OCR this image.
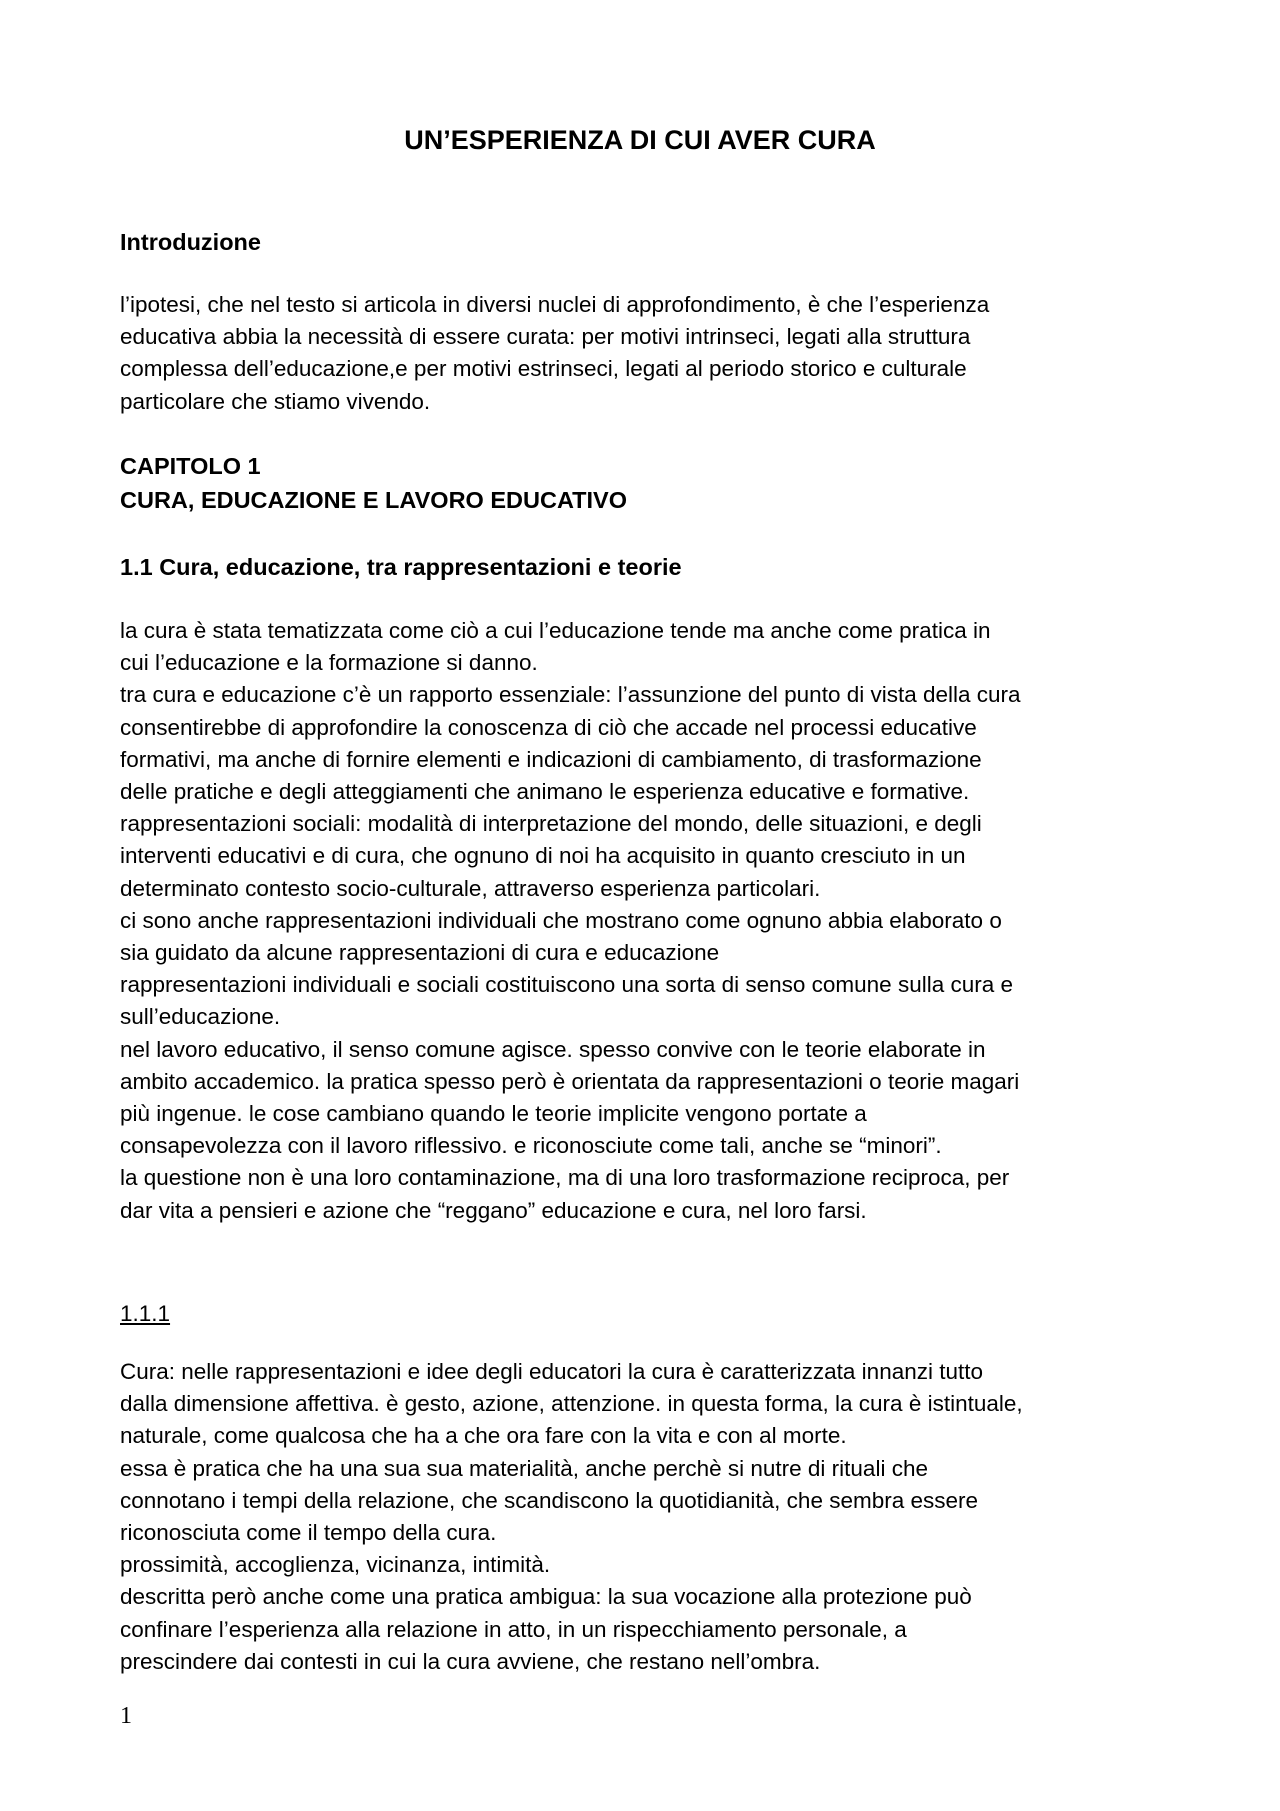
UN’ESPERIENZA DI CUI AVER CURA
Introduzione
l’ipotesi, che nel testo si articola in diversi nuclei di approfondimento, è che l’esperienza
educativa abbia la necessità di essere curata: per motivi intrinseci, legati alla struttura
complessa dell’educazione,e per motivi estrinseci, legati al periodo storico e culturale
particolare che stiamo vivendo.
CAPITOLO 1
CURA, EDUCAZIONE E LAVORO EDUCATIVO
1.1 Cura, educazione, tra rappresentazioni e teorie
la cura è stata tematizzata come ciò a cui l’educazione tende ma anche come pratica in
cui l’educazione e la formazione si danno.
tra cura e educazione c’è un rapporto essenziale: l’assunzione del punto di vista della cura
consentirebbe di approfondire la conoscenza di ciò che accade nel processi educative
formativi, ma anche di fornire elementi e indicazioni di cambiamento, di trasformazione
delle pratiche e degli atteggiamenti che animano le esperienza educative e formative.
rappresentazioni sociali: modalità di interpretazione del mondo, delle situazioni, e degli
interventi educativi e di cura, che ognuno di noi ha acquisito in quanto cresciuto in un
determinato contesto socio-culturale, attraverso esperienza particolari.
ci sono anche rappresentazioni individuali che mostrano come ognuno abbia elaborato o
sia guidato da alcune rappresentazioni di cura e educazione
rappresentazioni individuali e sociali costituiscono una sorta di senso comune sulla cura e
sull’educazione.
nel lavoro educativo, il senso comune agisce. spesso convive con le teorie elaborate in
ambito accademico. la pratica spesso però è orientata da rappresentazioni o teorie magari
più ingenue. le cose cambiano quando le teorie implicite vengono portate a
consapevolezza con il lavoro riflessivo. e riconosciute come tali, anche se “minori”.
la questione non è una loro contaminazione, ma di una loro trasformazione reciproca, per
dar vita a pensieri e azione che “reggano” educazione e cura, nel loro farsi.
1.1.1
Cura: nelle rappresentazioni e idee degli educatori la cura è caratterizzata innanzi tutto
dalla dimensione affettiva. è gesto, azione, attenzione. in questa forma, la cura è istintuale,
naturale, come qualcosa che ha a che ora fare con la vita e con al morte.
essa è pratica che ha una sua sua materialità, anche perchè si nutre di rituali che
connotano i tempi della relazione, che scandiscono la quotidianità, che sembra essere
riconosciuta come il tempo della cura.
prossimità, accoglienza, vicinanza, intimità.
descritta però anche come una pratica ambigua: la sua vocazione alla protezione può
confinare l’esperienza alla relazione in atto, in un rispecchiamento personale, a
prescindere dai contesti in cui la cura avviene, che restano nell’ombra.
1
